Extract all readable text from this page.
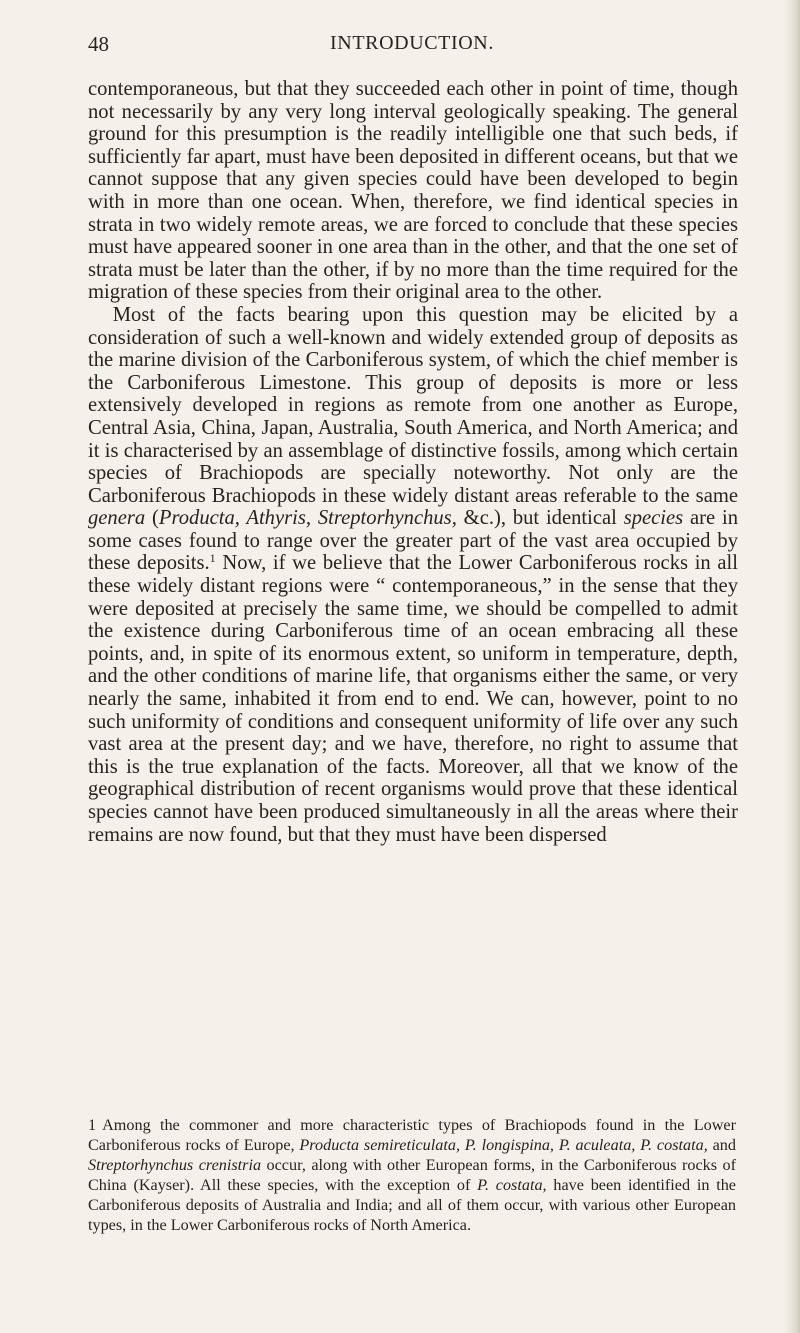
48	INTRODUCTION.

contemporaneous, but that they succeeded each other in point of time, though not necessarily by any very long interval geologically speaking. The general ground for this presumption is the readily intelligible one that such beds, if sufficiently far apart, must have been deposited in different oceans, but that we cannot suppose that any given species could have been developed to begin with in more than one ocean. When, therefore, we find identical species in strata in two widely remote areas, we are forced to conclude that these species must have appeared sooner in one area than in the other, and that the one set of strata must be later than the other, if by no more than the time required for the migration of these species from their original area to the other.

Most of the facts bearing upon this question may be elicited by a consideration of such a well-known and widely extended group of deposits as the marine division of the Carboniferous system, of which the chief member is the Carboniferous Limestone. This group of deposits is more or less extensively developed in regions as remote from one another as Europe, Central Asia, China, Japan, Australia, South America, and North America; and it is characterised by an assemblage of distinctive fossils, among which certain species of Brachiopods are specially noteworthy. Not only are the Carboniferous Brachiopods in these widely distant areas referable to the same genera (Producta, Athyris, Streptorhynchus, &c.), but identical species are in some cases found to range over the greater part of the vast area occupied by these deposits.$^1$ Now, if we believe that the Lower Carboniferous rocks in all these widely distant regions were “ contemporaneous,” in the sense that they were deposited at precisely the same time, we should be compelled to admit the existence during Carboniferous time of an ocean embracing all these points, and, in spite of its enormous extent, so uniform in temperature, depth, and the other conditions of marine life, that organisms either the same, or very nearly the same, inhabited it from end to end. We can, however, point to no such uniformity of conditions and consequent uniformity of life over any such vast area at the present day; and we have, therefore, no right to assume that this is the true explanation of the facts. Moreover, all that we know of the geographical distribution of recent organisms would prove that these identical species cannot have been produced simultaneously in all the areas where their remains are now found, but that they must have been dispersed

1 Among the commoner and more characteristic types of Brachiopods found in the Lower Carboniferous rocks of Europe, Producta semireticulata, P. longispina, P. aculeata, P. costata, and Streptorhynchus crenistria occur, along with other European forms, in the Carboniferous rocks of China (Kayser). All these species, with the exception of P. costata, have been identified in the Carboniferous deposits of Australia and India; and all of them occur, with various other European types, in the Lower Carboniferous rocks of North America.
